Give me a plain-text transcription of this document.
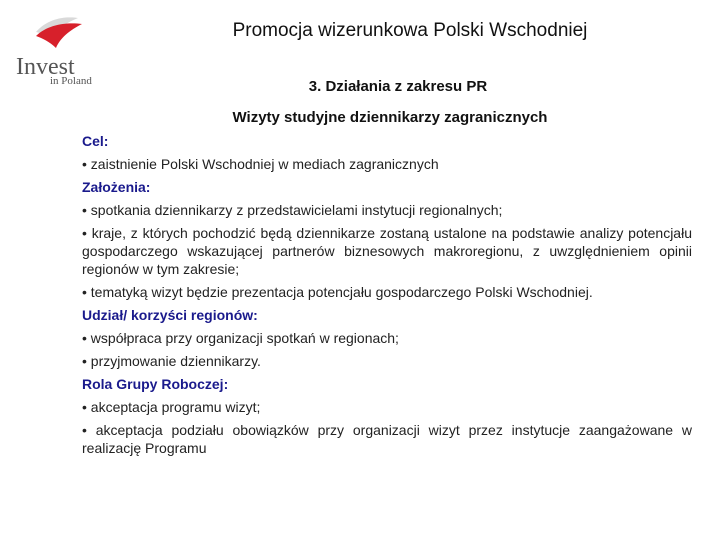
Invest
in Poland
Promocja wizerunkowa Polski Wschodniej
3. Działania z zakresu PR
Wizyty studyjne dziennikarzy zagranicznych
Cel:
• zaistnienie Polski Wschodniej w mediach zagranicznych
Założenia:
• spotkania dziennikarzy z przedstawicielami instytucji regionalnych;
• kraje, z których pochodzić będą dziennikarze zostaną ustalone na podstawie analizy potencjału gospodarczego wskazującej partnerów biznesowych makroregionu, z uwzględnieniem opinii regionów w tym zakresie;
• tematyką wizyt będzie prezentacja potencjału gospodarczego Polski Wschodniej.
Udział/ korzyści regionów:
• współpraca przy organizacji spotkań w regionach;
• przyjmowanie dziennikarzy.
Rola Grupy Roboczej:
• akceptacja programu wizyt;
• akceptacja podziału obowiązków przy organizacji wizyt przez instytucje zaangażowane w realizację Programu
